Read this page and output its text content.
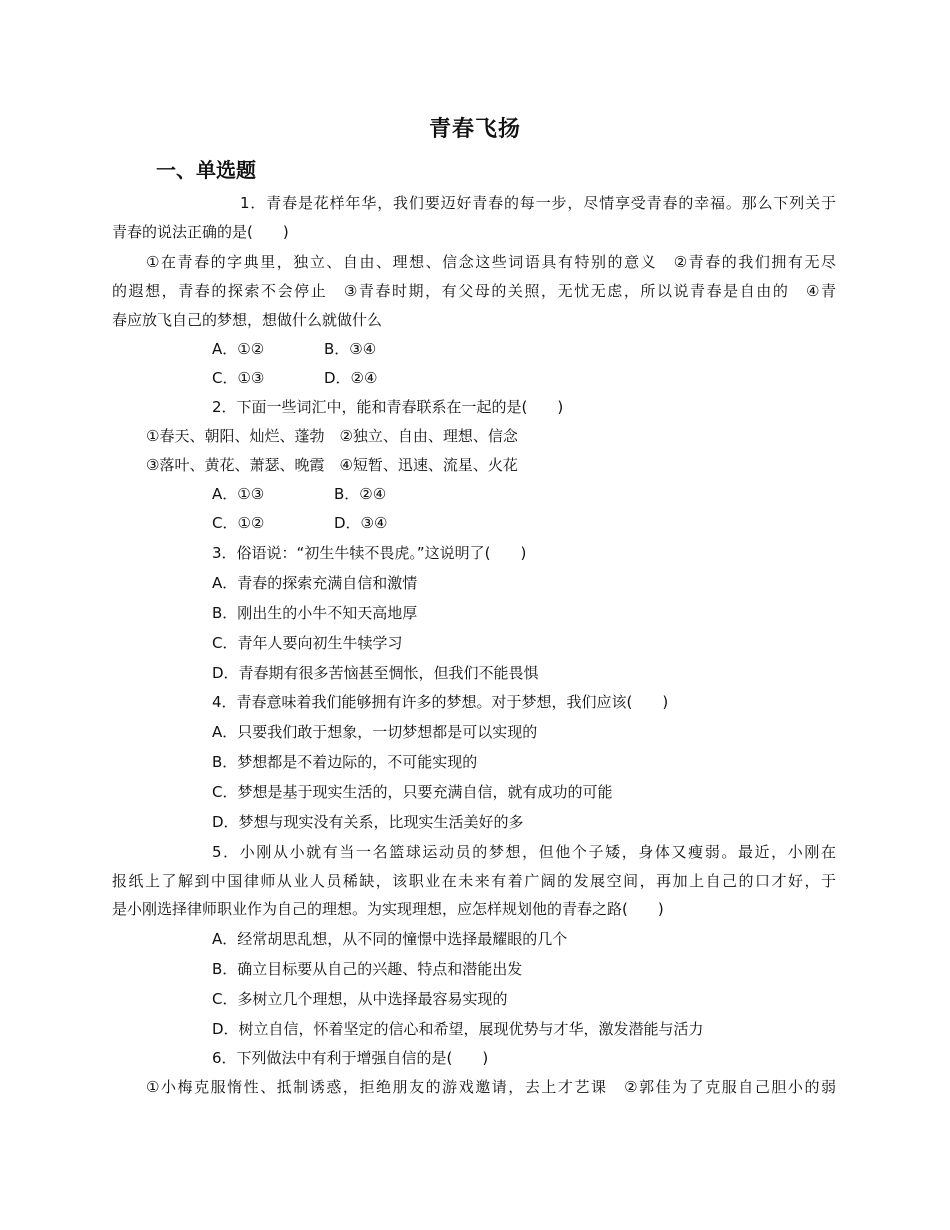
青春飞扬
一、单选题
1．青春是花样年华，我们要迈好青春的每一步，尽情享受青春的幸福。那么下列关于
青春的说法正确的是(　　)
①在青春的字典里，独立、自由、理想、信念这些词语具有特别的意义　②青春的我们拥有无尽
的遐想，青春的探索不会停止　③青春时期，有父母的关照，无忧无虑，所以说青春是自由的　④青
春应放飞自己的梦想，想做什么就做什么
A．①②	B．③④
C．①③	D．②④
2．下面一些词汇中，能和青春联系在一起的是(　　)
①春天、朝阳、灿烂、蓬勃　②独立、自由、理想、信念
③落叶、黄花、萧瑟、晚霞　④短暂、迅速、流星、火花
A．①③	B．②④
C．①②	D．③④
3．俗语说：“初生牛犊不畏虎。”这说明了(　　)
A．青春的探索充满自信和激情
B．刚出生的小牛不知天高地厚
C．青年人要向初生牛犊学习
D．青春期有很多苦恼甚至惆怅，但我们不能畏惧
4．青春意味着我们能够拥有许多的梦想。对于梦想，我们应该(　　)
A．只要我们敢于想象，一切梦想都是可以实现的
B．梦想都是不着边际的，不可能实现的
C．梦想是基于现实生活的，只要充满自信，就有成功的可能
D．梦想与现实没有关系，比现实生活美好的多
5．小刚从小就有当一名篮球运动员的梦想，但他个子矮，身体又瘦弱。最近，小刚在
报纸上了解到中国律师从业人员稀缺，该职业在未来有着广阔的发展空间，再加上自己的口才好，于
是小刚选择律师职业作为自己的理想。为实现理想，应怎样规划他的青春之路(　　)
A．经常胡思乱想，从不同的憧憬中选择最耀眼的几个
B．确立目标要从自己的兴趣、特点和潜能出发
C．多树立几个理想，从中选择最容易实现的
D．树立自信，怀着坚定的信心和希望，展现优势与才华，激发潜能与活力
6．下列做法中有利于增强自信的是(　　)
①小梅克服惰性、抵制诱惑，拒绝朋友的游戏邀请，去上才艺课　②郭佳为了克服自己胆小的弱
